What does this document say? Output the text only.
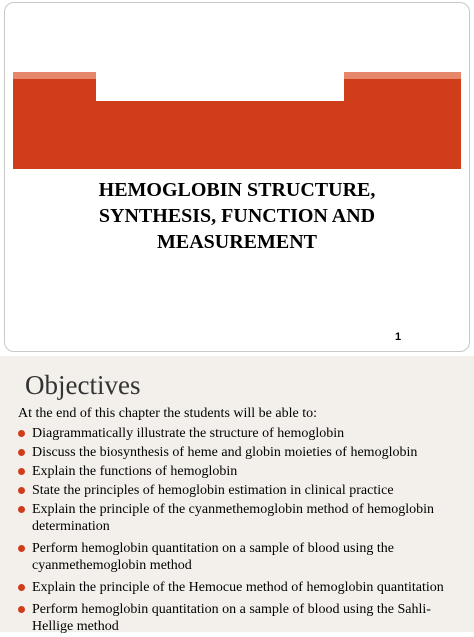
HEMOGLOBIN STRUCTURE,
SYNTHESIS, FUNCTION AND
MEASUREMENT
1
Objectives
At the end of this chapter the students will be able to:
Diagrammatically illustrate the structure of hemoglobin
Discuss the biosynthesis of heme and globin moieties of hemoglobin
Explain the functions of hemoglobin
State the principles of hemoglobin estimation in clinical practice
Explain the principle of the cyanmethemoglobin method of hemoglobin determination
Perform hemoglobin quantitation on a sample of blood using the cyanmethemoglobin method
Explain the principle of the Hemocue method of hemoglobin quantitation
Perform hemoglobin quantitation on a sample of blood using the Sahli-Hellige method
